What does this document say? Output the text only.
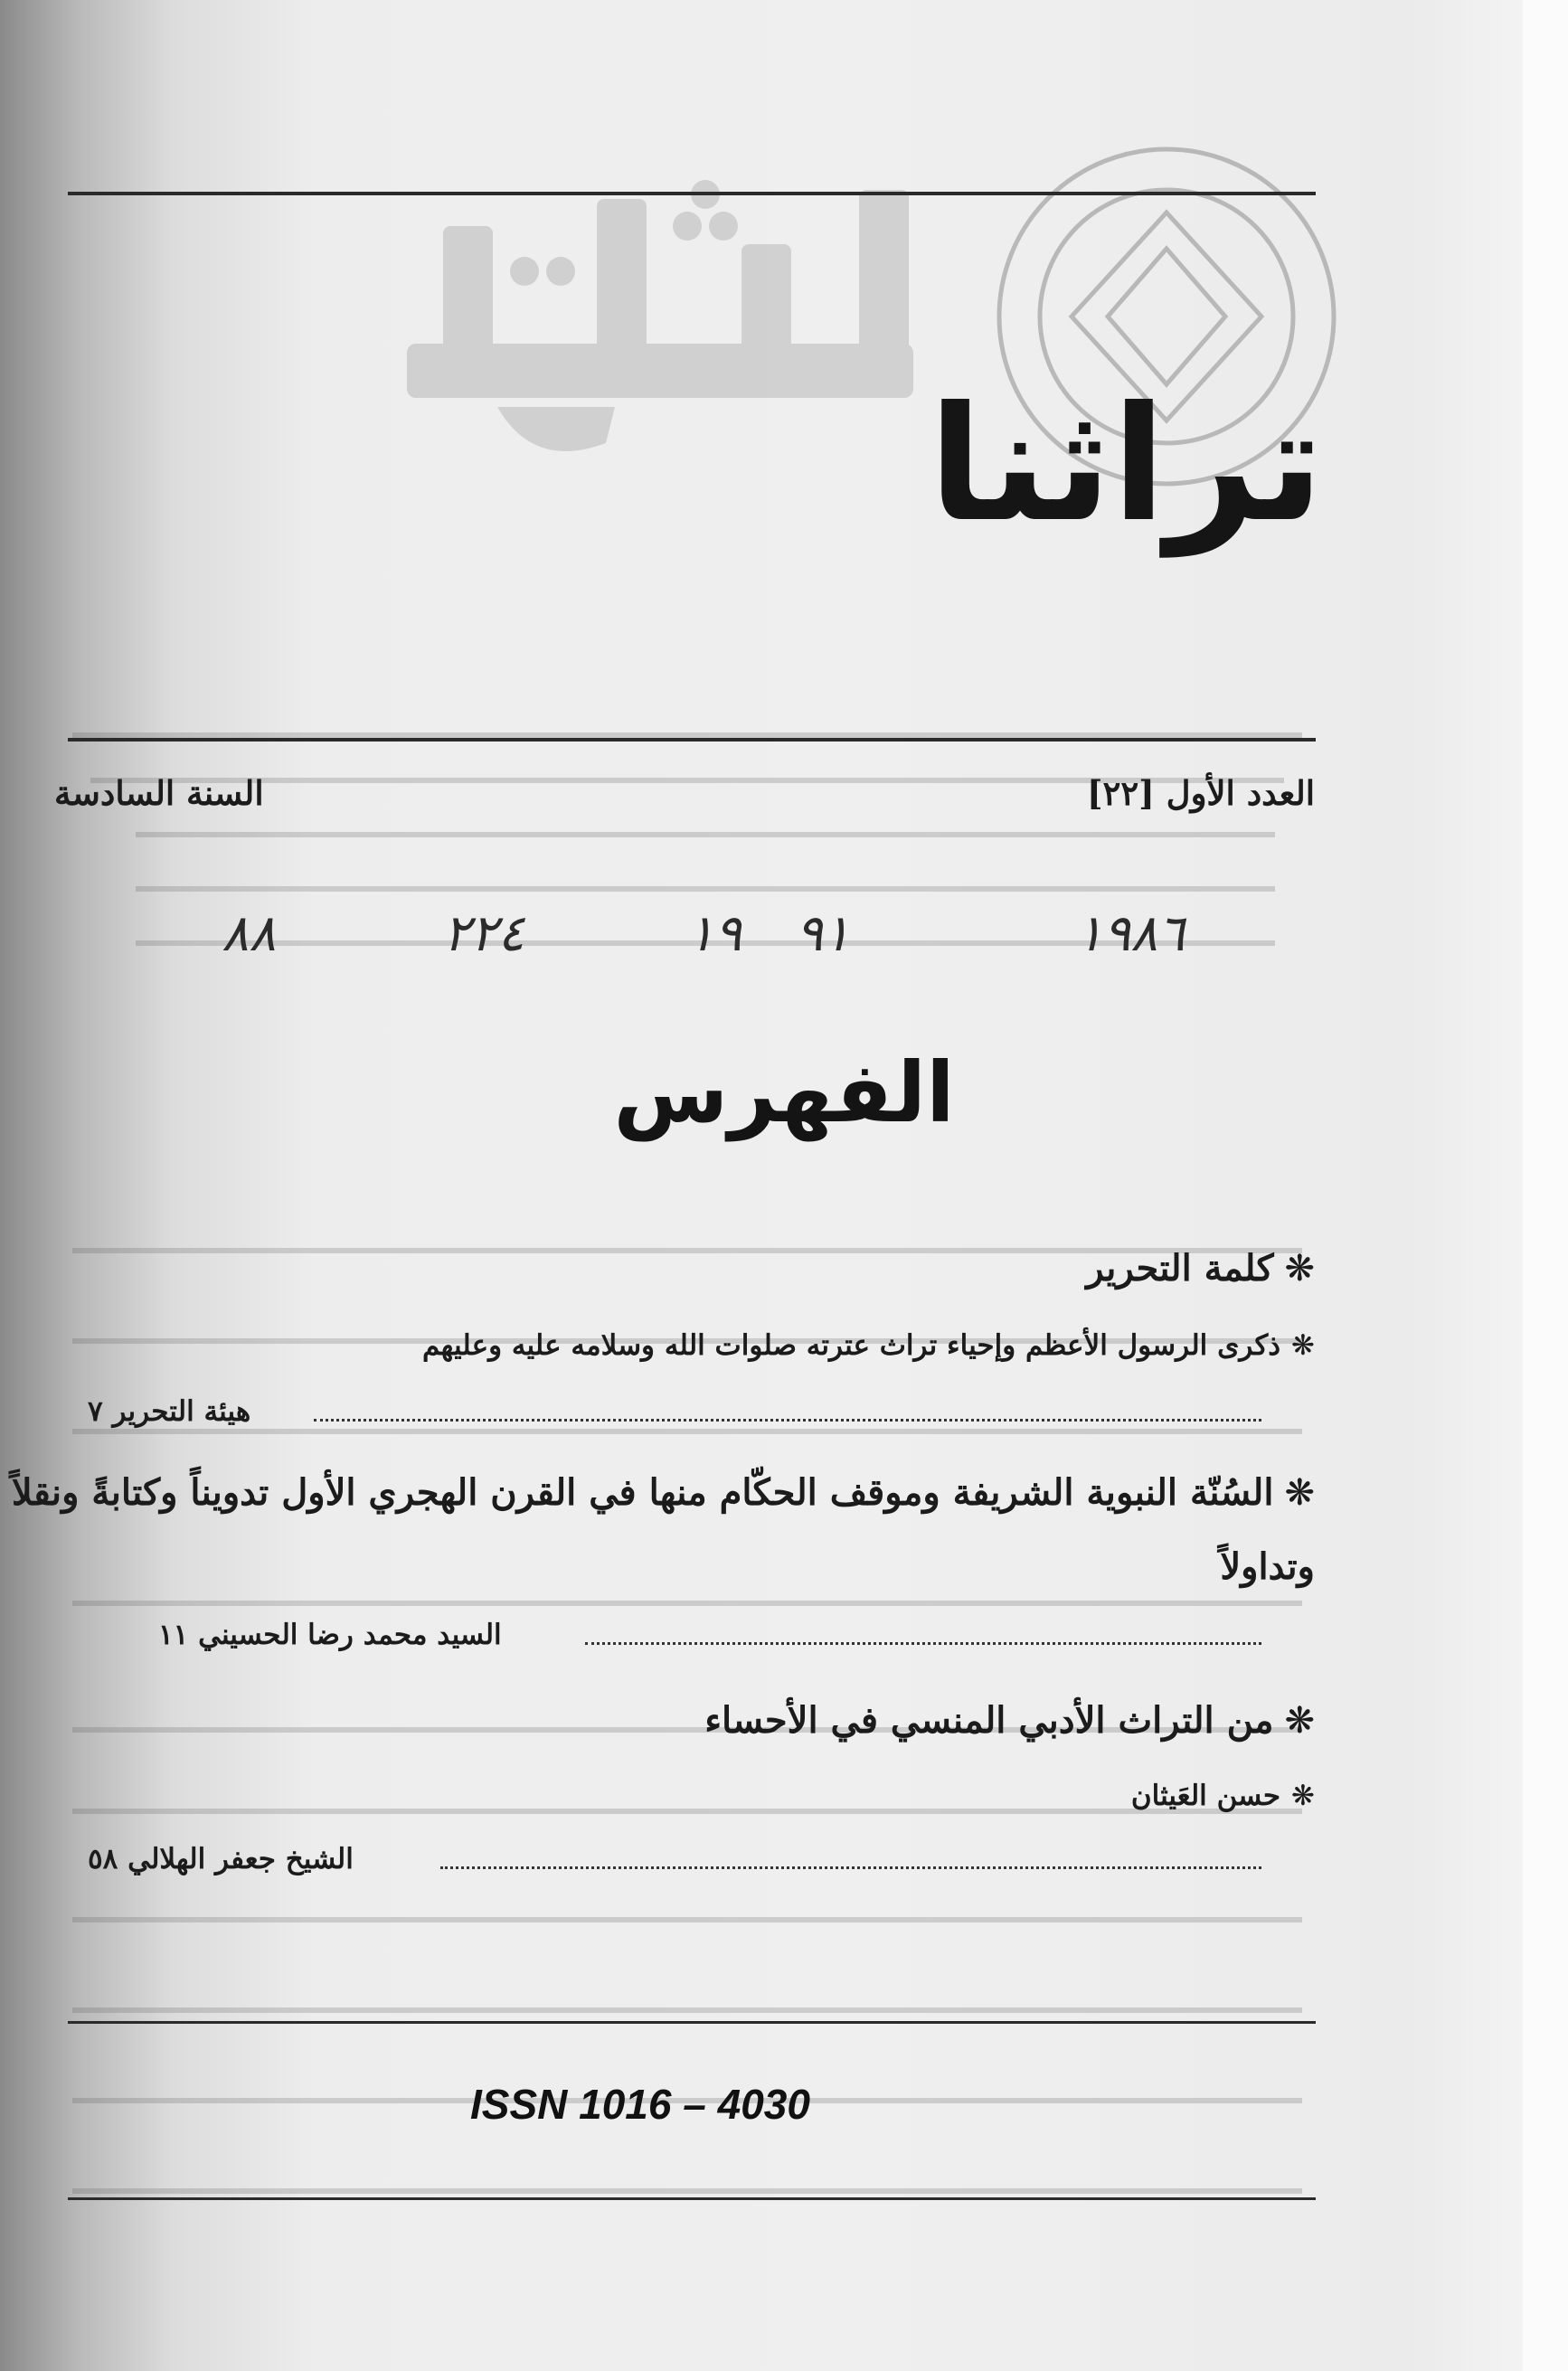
تراثنا
العدد الأول [٢٢]
السنة السادسة
١٩٨٦
٩١
١٩
٢٢٤
٨٨
الفهرس
❋كلمة التحرير
❋ذكرى الرسول الأعظم وإحياء تراث عترته صلوات الله وسلامه عليه وعليهم
هيئة التحرير ٧
❋السُنّة النبوية الشريفة وموقف الحكّام منها في القرن الهجري الأول تدويناً وكتابةً ونقلاً
وتداولاً
السيد محمد رضا الحسيني ١١
❋من التراث الأدبي المنسي في الأحساء
❋حسن العَيثان
الشيخ جعفر الهلالي ٥٨
ISSN 1016 – 4030
